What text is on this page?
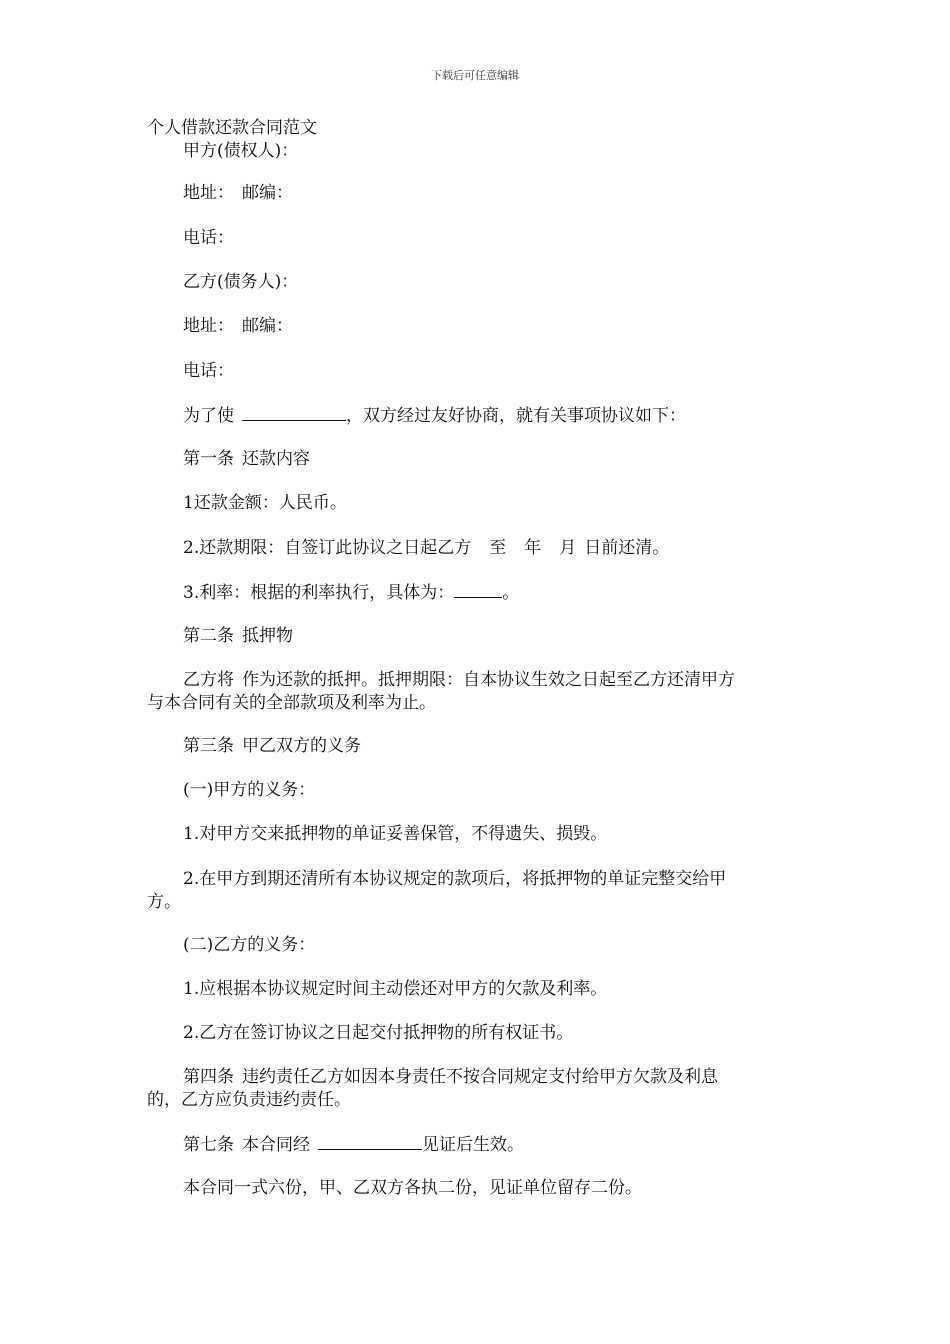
下载后可任意编辑
个人借款还款合同范文
甲方(债权人)：
地址： 邮编：
电话：
乙方(债务人)：
地址： 邮编：
电话：
为了使	，双方经过友好协商，就有关事项协议如下：
第一条 还款内容
1还款金额：人民币。
2.还款期限：自签订此协议之日起乙方 至 年 月 日前还清。
3.利率：根据的利率执行，具体为：	。
第二条 抵押物
乙方将 作为还款的抵押。抵押期限：自本协议生效之日起至乙方还清甲方与本合同有关的全部款项及利率为止。
第三条 甲乙双方的义务
(一)甲方的义务：
1.对甲方交来抵押物的单证妥善保管，不得遗失、损毁。
2.在甲方到期还清所有本协议规定的款项后，将抵押物的单证完整交给甲方。
(二)乙方的义务：
1.应根据本协议规定时间主动偿还对甲方的欠款及利率。
2.乙方在签订协议之日起交付抵押物的所有权证书。
第四条 违约责任乙方如因本身责任不按合同规定支付给甲方欠款及利息的，乙方应负责违约责任。
第七条 本合同经	见证后生效。
本合同一式六份，甲、乙双方各执二份，见证单位留存二份。
